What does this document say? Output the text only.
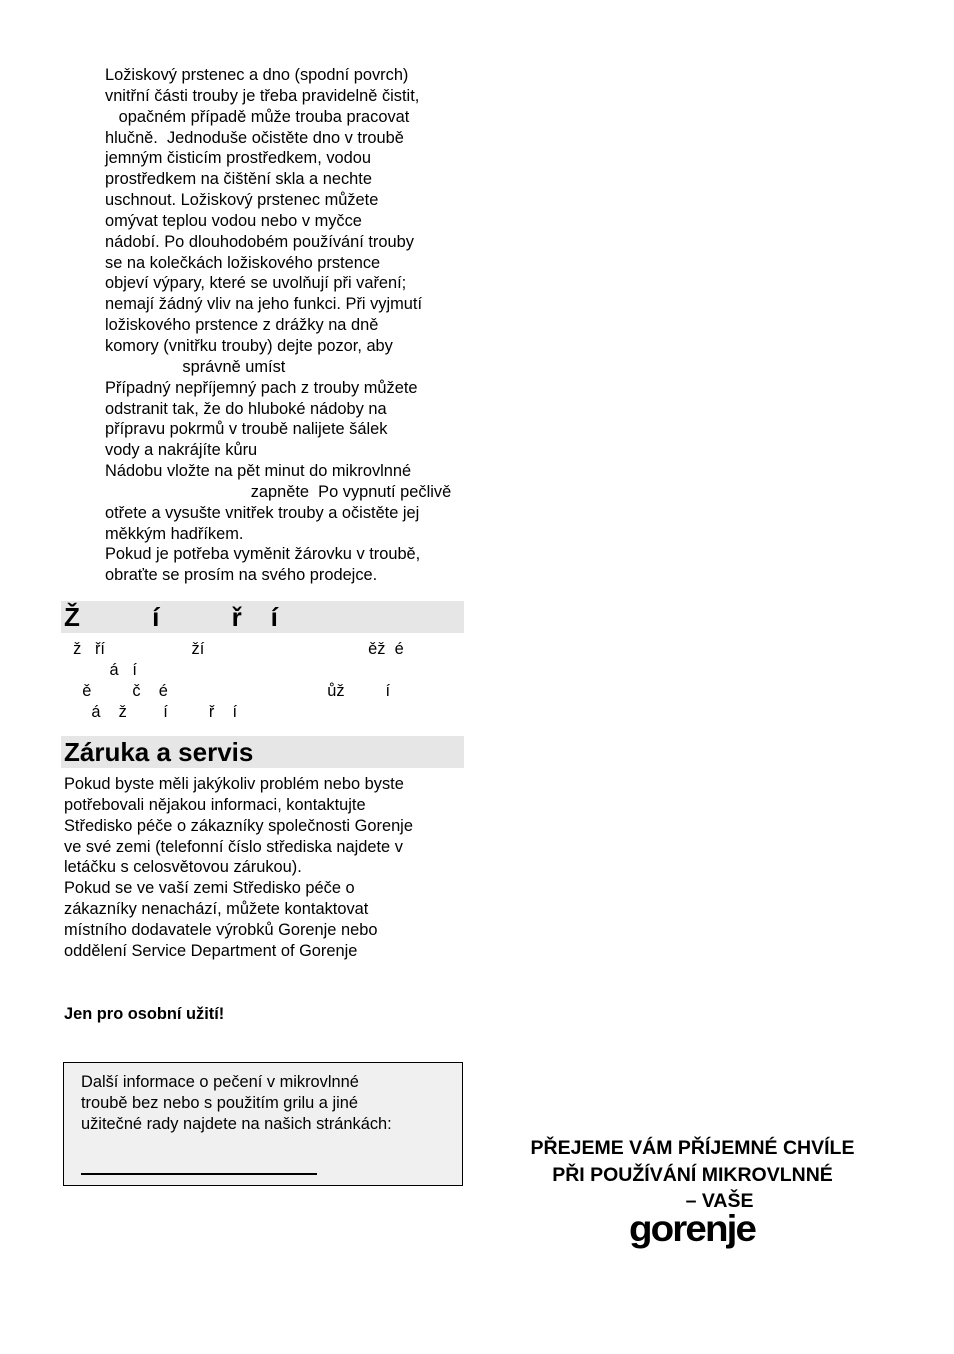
Ložiskový prstenec a dno (spodní povrch)
vnitřní části trouby je třeba pravidelně čistit,
opačném případě může trouba pracovat
hlučně.  Jednoduše očistěte dno v troubě
jemným čisticím prostředkem, vodou
prostředkem na čištění skla a nechte
uschnout. Ložiskový prstenec můžete
omývat teplou vodou nebo v myčce
nádobí. Po dlouhodobém používání trouby
se na kolečkách ložiskového prstence
objeví výpary, které se uvolňují při vaření;
nemají žádný vliv na jeho funkci. Při vyjmutí
ložiskového prstence z drážky na dně
komory (vnitřku trouby) dejte pozor, aby
správně umíst
Případný nepříjemný pach z trouby můžete
odstranit tak, že do hluboké nádoby na
přípravu pokrmů v troubě nalijete šálek
vody a nakrájíte kůru
Nádobu vložte na pět minut do mikrovlnné
zapněte  Po vypnutí pečlivě
otřete a vysušte vnitřek trouby a očistěte jej
měkkým hadříkem.
Pokud je potřeba vyměnit žárovku v troubě,
obraťte se prosím na svého prodejce.
Ž          í          ř    í
ž   ří                   ží                                    ěž  é
á   í
ě         č    é                                   ůž         í
á    ž        í         ř    í
Záruka a servis
Pokud byste měli jakýkoliv problém nebo byste
potřebovali nějakou informaci, kontaktujte
Středisko péče o zákazníky společnosti Gorenje
ve své zemi (telefonní číslo střediska najdete v
letáčku s celosvětovou zárukou).
Pokud se ve vaší zemi Středisko péče o
zákazníky nenachází, můžete kontaktovat
místního dodavatele výrobků Gorenje nebo
oddělení Service Department of Gorenje
Jen pro osobní užití!
Další informace o pečení v mikrovlnné
troubě bez nebo s použitím grilu a jiné
užitečné rady najdete na našich stránkách:
PŘEJEME VÁM PŘÍJEMNÉ CHVÍLE
PŘI POUŽÍVÁNÍ MIKROVLNNÉ
– VAŠE
gorenje
